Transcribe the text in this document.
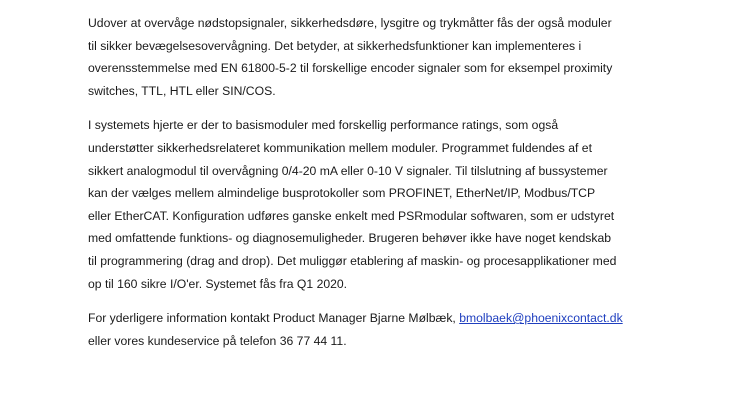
Udover at overvåge nødstopsignaler, sikkerhedsdøre, lysgitre og trykmåtter fås der også moduler
til sikker bevægelsesovervågning. Det betyder, at sikkerhedsfunktioner kan implementeres i
overensstemmelse med EN 61800-5-2 til forskellige encoder signaler som for eksempel proximity
switches, TTL, HTL eller SIN/COS.

I systemets hjerte er der to basismoduler med forskellig performance ratings, som også
understøtter sikkerhedsrelateret kommunikation mellem moduler. Programmet fuldendes af et
sikkert analogmodul til overvågning 0/4-20 mA eller 0-10 V signaler. Til tilslutning af bussystemer
kan der vælges mellem almindelige busprotokoller som PROFINET, EtherNet/IP, Modbus/TCP
eller EtherCAT. Konfiguration udføres ganske enkelt med PSRmodular softwaren, som er udstyret
med omfattende funktions- og diagnosemuligheder. Brugeren behøver ikke have noget kendskab
til programmering (drag and drop). Det muliggør etablering af maskin- og procesapplikationer med
op til 160 sikre I/O'er. Systemet fås fra Q1 2020.

For yderligere information kontakt Product Manager Bjarne Mølbæk, bmolbaek@phoenixcontact.dk
eller vores kundeservice på telefon 36 77 44 11.
